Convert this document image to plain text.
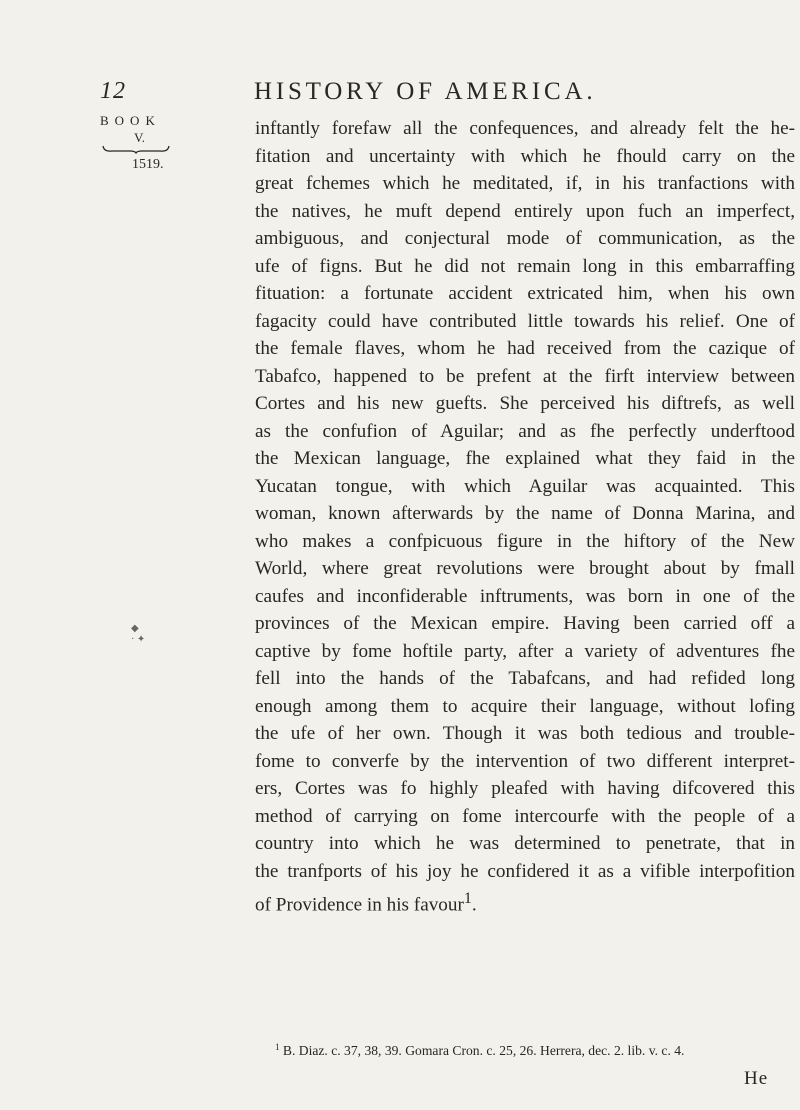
12	HISTORY OF AMERICA.
BOOK
V.
1519.
◆
· ✦
inftantly forefaw all the confequences, and already felt the he-
fitation and uncertainty with which he fhould carry on the
great fchemes which he meditated, if, in his tranfactions with
the natives, he muft depend entirely upon fuch an imperfect,
ambiguous, and conjectural mode of communication, as the
ufe of figns. But he did not remain long in this embarraffing
fituation: a fortunate accident extricated him, when his own
fagacity could have contributed little towards his relief. One of
the female flaves, whom he had received from the cazique of
Tabafco, happened to be prefent at the firft interview between
Cortes and his new guefts. She perceived his diftrefs, as well
as the confufion of Aguilar; and as fhe perfectly underftood
the Mexican language, fhe explained what they faid in the
Yucatan tongue, with which Aguilar was acquainted. This
woman, known afterwards by the name of Donna Marina, and
who makes a confpicuous figure in the hiftory of the New
World, where great revolutions were brought about by fmall
caufes and inconfiderable inftruments, was born in one of the
provinces of the Mexican empire. Having been carried off a
captive by fome hoftile party, after a variety of adventures fhe
fell into the hands of the Tabafcans, and had refided long
enough among them to acquire their language, without lofing
the ufe of her own. Though it was both tedious and trouble-
fome to converfe by the intervention of two different interpret-
ers, Cortes was fo highly pleafed with having difcovered this
method of carrying on fome intercourfe with the people of a
country into which he was determined to penetrate, that in
the tranfports of his joy he confidered it as a vifible interpofition
of Providence in his favour$^1$.
$^1$ B. Diaz. c. 37, 38, 39. Gomara Cron. c. 25, 26. Herrera, dec. 2. lib. v. c. 4.
He
